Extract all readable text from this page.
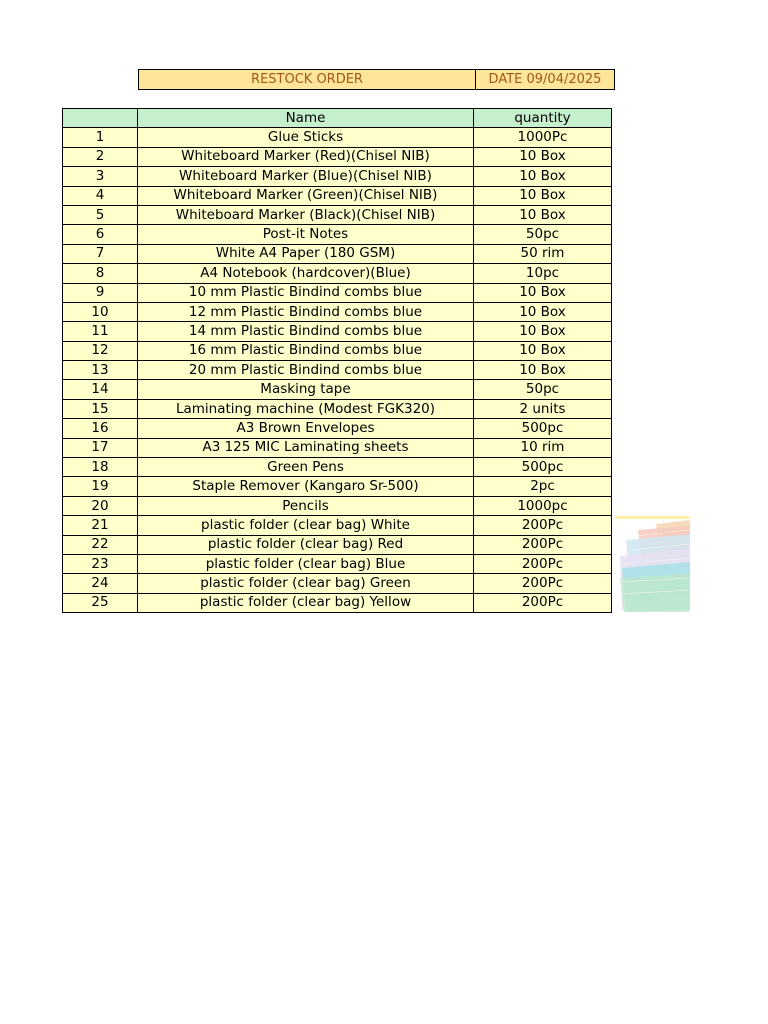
RESTOCK ORDER	DATE 09/04/2025
	Name	quantity
1	Glue Sticks	1000Pc
2	Whiteboard Marker (Red)(Chisel NIB)	10 Box
3	Whiteboard Marker (Blue)(Chisel NIB)	10 Box
4	Whiteboard Marker (Green)(Chisel NIB)	10 Box
5	Whiteboard Marker (Black)(Chisel NIB)	10 Box
6	Post-it Notes	50pc
7	White A4 Paper (180 GSM)	50 rim
8	A4 Notebook (hardcover)(Blue)	10pc
9	10 mm Plastic Bindind combs blue	10 Box
10	12 mm Plastic Bindind combs blue	10 Box
11	14 mm Plastic Bindind combs blue	10 Box
12	16 mm Plastic Bindind combs blue	10 Box
13	20 mm Plastic Bindind combs blue	10 Box
14	Masking tape	50pc
15	Laminating machine (Modest FGK320)	2 units
16	A3 Brown Envelopes	500pc
17	A3 125 MIC Laminating sheets	10 rim
18	Green Pens	500pc
19	Staple Remover (Kangaro Sr-500)	2pc
20	Pencils	1000pc
21	plastic folder (clear bag) White	200Pc
22	plastic folder (clear bag) Red	200Pc
23	plastic folder (clear bag) Blue	200Pc
24	plastic folder (clear bag) Green	200Pc
25	plastic folder (clear bag) Yellow	200Pc
